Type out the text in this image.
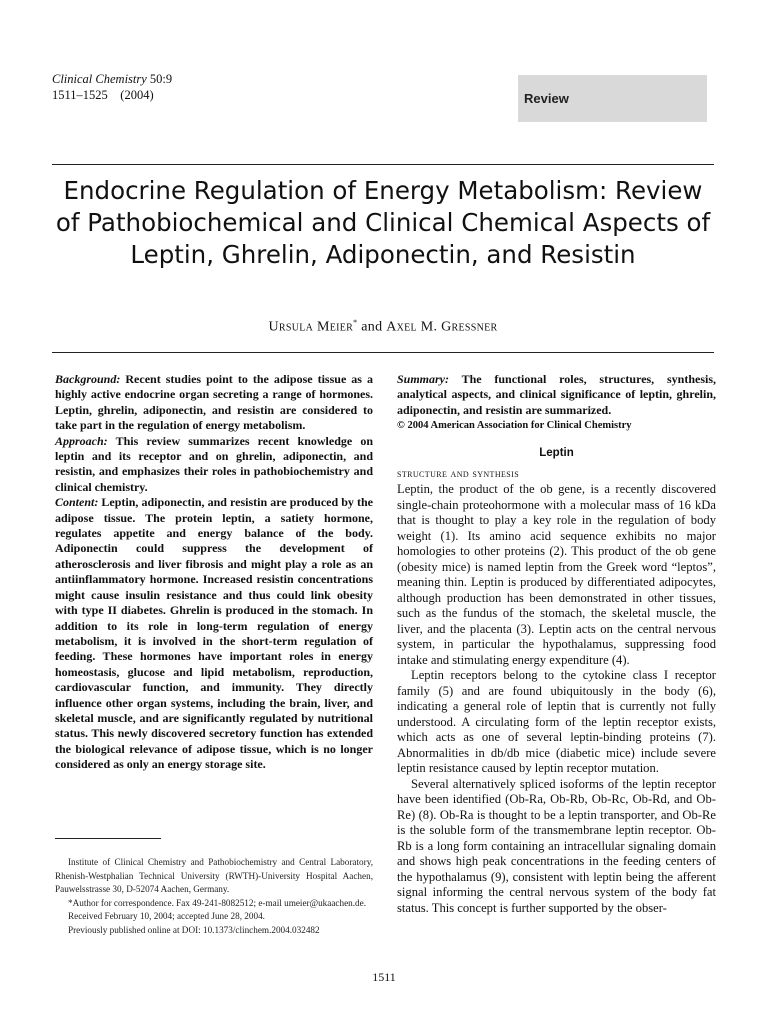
Clinical Chemistry 50:9
1511–1525 (2004)	Review
Endocrine Regulation of Energy Metabolism: Review of Pathobiochemical and Clinical Chemical Aspects of Leptin, Ghrelin, Adiponectin, and Resistin
Ursula Meier* and Axel M. Gressner

Background: Recent studies point to the adipose tissue as a highly active endocrine organ secreting a range of hormones. Leptin, ghrelin, adiponectin, and resistin are considered to take part in the regulation of energy metabolism.

Approach: This review summarizes recent knowledge on leptin and its receptor and on ghrelin, adiponectin, and resistin, and emphasizes their roles in pathobiochemistry and clinical chemistry.

Content: Leptin, adiponectin, and resistin are produced by the adipose tissue. The protein leptin, a satiety hormone, regulates appetite and energy balance of the body. Adiponectin could suppress the development of atherosclerosis and liver fibrosis and might play a role as an antiinflammatory hormone. Increased resistin concentrations might cause insulin resistance and thus could link obesity with type II diabetes. Ghrelin is produced in the stomach. In addition to its role in long-term regulation of energy metabolism, it is involved in the short-term regulation of feeding. These hormones have important roles in energy homeostasis, glucose and lipid metabolism, reproduction, cardiovascular function, and immunity. They directly influence other organ systems, including the brain, liver, and skeletal muscle, and are significantly regulated by nutritional status. This newly discovered secretory function has extended the biological relevance of adipose tissue, which is no longer considered as only an energy storage site.

Summary: The functional roles, structures, synthesis, analytical aspects, and clinical significance of leptin, ghrelin, adiponectin, and resistin are summarized.

© 2004 American Association for Clinical Chemistry

Leptin

structure and synthesis

Leptin, the product of the ob gene, is a recently discovered single-chain proteohormone with a molecular mass of 16 kDa that is thought to play a key role in the regulation of body weight (1). Its amino acid sequence exhibits no major homologies to other proteins (2). This product of the ob gene (obesity mice) is named leptin from the Greek word “leptos”, meaning thin. Leptin is produced by differentiated adipocytes, although production has been demonstrated in other tissues, such as the fundus of the stomach, the skeletal muscle, the liver, and the placenta (3). Leptin acts on the central nervous system, in particular the hypothalamus, suppressing food intake and stimulating energy expenditure (4).

Leptin receptors belong to the cytokine class I receptor family (5) and are found ubiquitously in the body (6), indicating a general role of leptin that is currently not fully understood. A circulating form of the leptin receptor exists, which acts as one of several leptin-binding proteins (7). Abnormalities in db/db mice (diabetic mice) include severe leptin resistance caused by leptin receptor mutation.

Several alternatively spliced isoforms of the leptin receptor have been identified (Ob-Ra, Ob-Rb, Ob-Rc, Ob-Rd, and Ob-Re) (8). Ob-Ra is thought to be a leptin transporter, and Ob-Re is the soluble form of the transmembrane leptin receptor. Ob-Rb is a long form containing an intracellular signaling domain and shows high peak concentrations in the feeding centers of the hypothalamus (9), consistent with leptin being the afferent signal informing the central nervous system of the body fat status. This concept is further supported by the obser-

Institute of Clinical Chemistry and Pathobiochemistry and Central Laboratory, Rhenish-Westphalian Technical University (RWTH)-University Hospital Aachen, Pauwelsstrasse 30, D-52074 Aachen, Germany.

*Author for correspondence. Fax 49-241-8082512; e-mail umeier@ukaachen.de.

Received February 10, 2004; accepted June 28, 2004.

Previously published online at DOI: 10.1373/clinchem.2004.032482

1511
